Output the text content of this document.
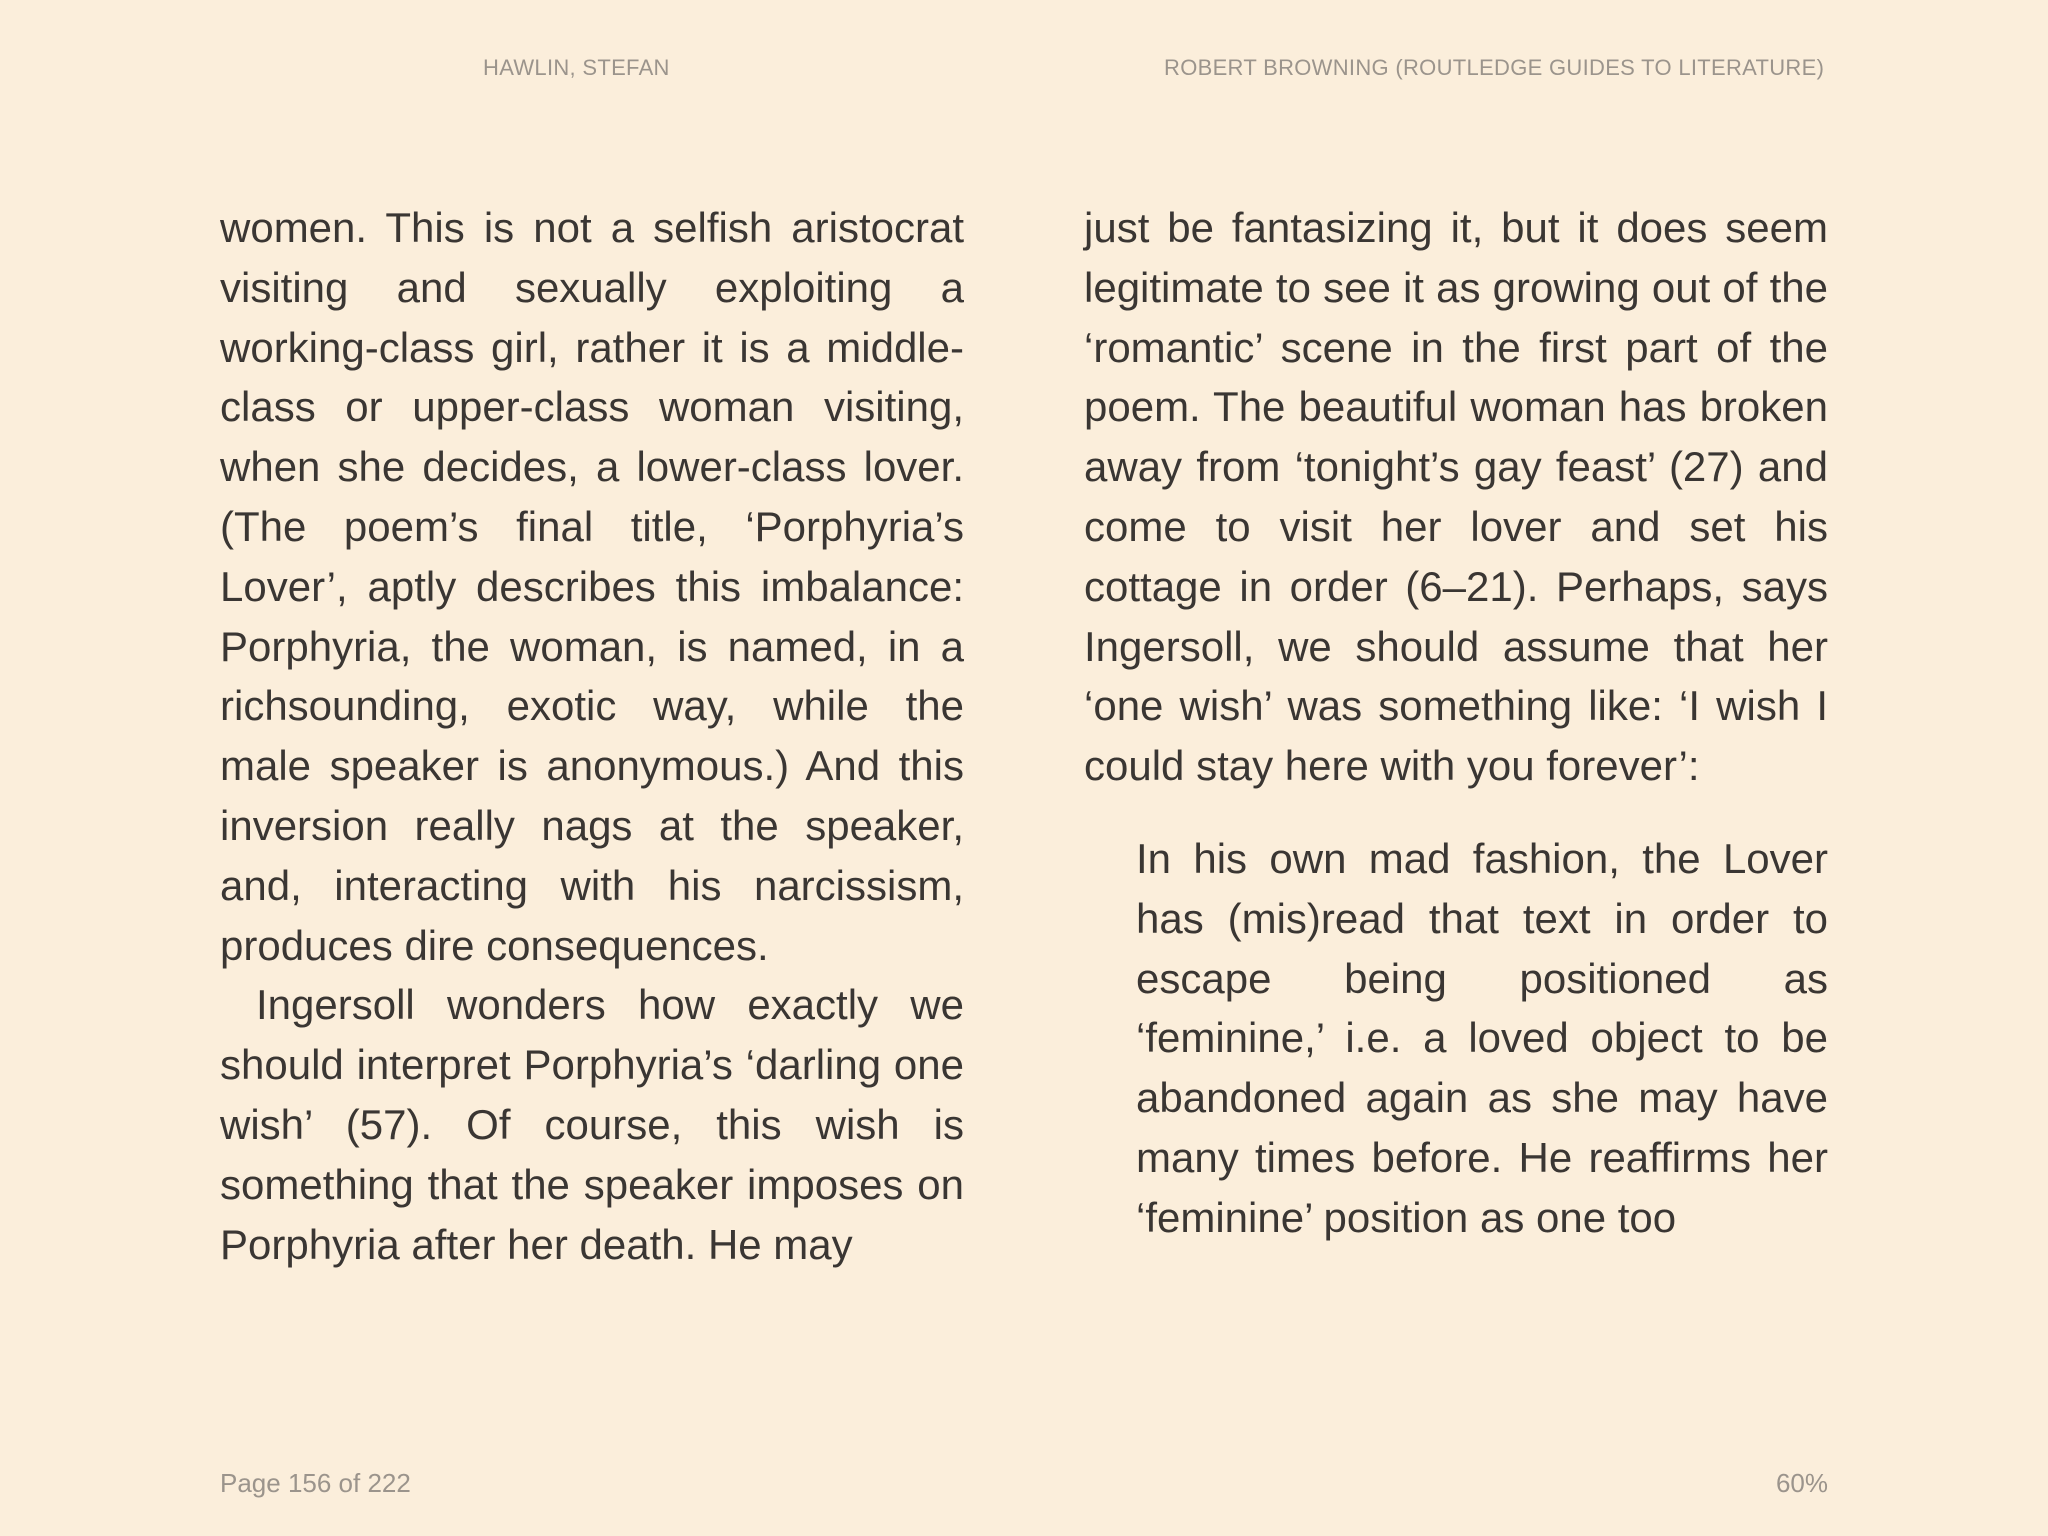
HAWLIN, STEFAN	ROBERT BROWNING (ROUTLEDGE GUIDES TO LITERATURE)

women. This is not a selfish aristocrat visiting and sexually exploiting a working-class girl, rather it is a middle-class or upper-class woman visiting, when she decides, a lower-class lover. (The poem’s final title, ‘Porphyria’s Lover’, aptly describes this imbalance: Porphyria, the woman, is named, in a richsounding, exotic way, while the male speaker is anonymous.) And this inversion really nags at the speaker, and, interacting with his narcissism, produces dire consequences.

Ingersoll wonders how exactly we should interpret Porphyria’s ‘darling one wish’ (57). Of course, this wish is something that the speaker imposes on Porphyria after her death. He may

just be fantasizing it, but it does seem legitimate to see it as growing out of the ‘romantic’ scene in the first part of the poem. The beautiful woman has broken away from ‘tonight’s gay feast’ (27) and come to visit her lover and set his cottage in order (6–21). Perhaps, says Ingersoll, we should assume that her ‘one wish’ was something like: ‘I wish I could stay here with you forever’:

In his own mad fashion, the Lover has (mis)read that text in order to escape being positioned as ‘feminine,’ i.e. a loved object to be abandoned again as she may have many times before. He reaffirms her ‘feminine’ position as one too

Page 156 of 222	60%
